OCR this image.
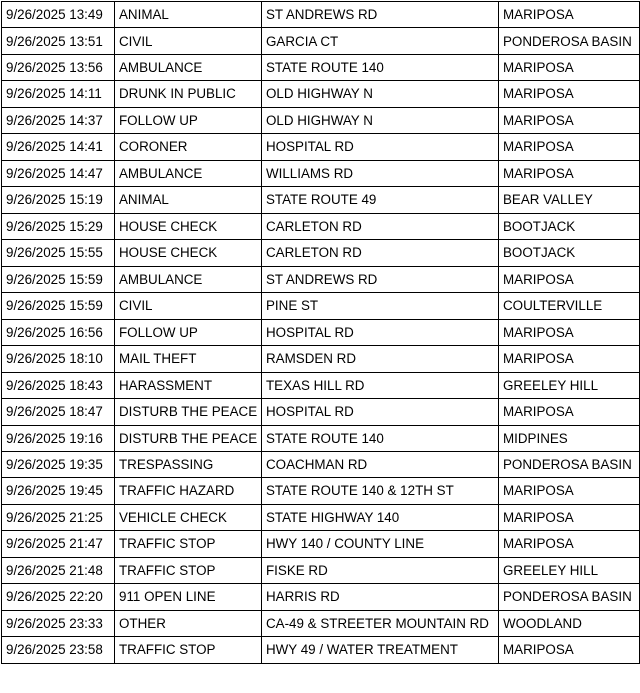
9/26/2025 13:49	ANIMAL	ST ANDREWS RD	MARIPOSA
9/26/2025 13:51	CIVIL	GARCIA CT	PONDEROSA BASIN
9/26/2025 13:56	AMBULANCE	STATE ROUTE 140	MARIPOSA
9/26/2025 14:11	DRUNK IN PUBLIC	OLD HIGHWAY N	MARIPOSA
9/26/2025 14:37	FOLLOW UP	OLD HIGHWAY N	MARIPOSA
9/26/2025 14:41	CORONER	HOSPITAL RD	MARIPOSA
9/26/2025 14:47	AMBULANCE	WILLIAMS RD	MARIPOSA
9/26/2025 15:19	ANIMAL	STATE ROUTE 49	BEAR VALLEY
9/26/2025 15:29	HOUSE CHECK	CARLETON RD	BOOTJACK
9/26/2025 15:55	HOUSE CHECK	CARLETON RD	BOOTJACK
9/26/2025 15:59	AMBULANCE	ST ANDREWS RD	MARIPOSA
9/26/2025 15:59	CIVIL	PINE ST	COULTERVILLE
9/26/2025 16:56	FOLLOW UP	HOSPITAL RD	MARIPOSA
9/26/2025 18:10	MAIL THEFT	RAMSDEN RD	MARIPOSA
9/26/2025 18:43	HARASSMENT	TEXAS HILL RD	GREELEY HILL
9/26/2025 18:47	DISTURB THE PEACE	HOSPITAL RD	MARIPOSA
9/26/2025 19:16	DISTURB THE PEACE	STATE ROUTE 140	MIDPINES
9/26/2025 19:35	TRESPASSING	COACHMAN RD	PONDEROSA BASIN
9/26/2025 19:45	TRAFFIC HAZARD	STATE ROUTE 140 & 12TH ST	MARIPOSA
9/26/2025 21:25	VEHICLE CHECK	STATE HIGHWAY 140	MARIPOSA
9/26/2025 21:47	TRAFFIC STOP	HWY 140 / COUNTY LINE	MARIPOSA
9/26/2025 21:48	TRAFFIC STOP	FISKE RD	GREELEY HILL
9/26/2025 22:20	911 OPEN LINE	HARRIS RD	PONDEROSA BASIN
9/26/2025 23:33	OTHER	CA-49 & STREETER MOUNTAIN RD	WOODLAND
9/26/2025 23:58	TRAFFIC STOP	HWY 49 / WATER TREATMENT	MARIPOSA
